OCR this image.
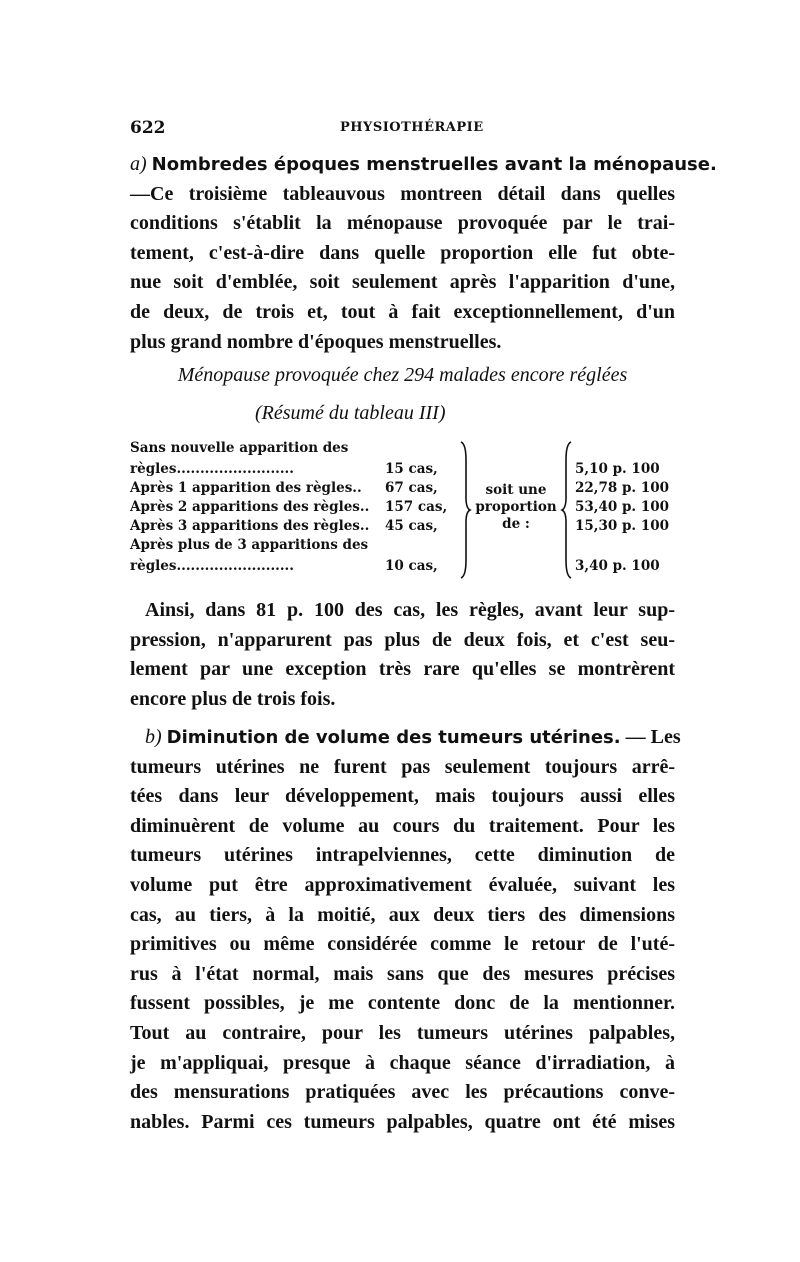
622	PHYSIOTHÉRAPIE
a) Nombredes époques menstruelles avant la ménopause.
—Ce troisième tableauvous montreen détail dans quelles
conditions s'établit la ménopause provoquée par le trai-
tement, c'est-à-dire dans quelle proportion elle fut obte-
nue soit d'emblée, soit seulement après l'apparition d'une,
de deux, de trois et, tout à fait exceptionnellement, d'un
plus grand nombre d'époques menstruelles.
Ménopause provoquée chez 294 malades encore réglées
(Résumé du tableau III)
Sans nouvelle apparition des
règles.........................	15 cas,	5,10 p. 100
Après 1 apparition des règles.. 67 cas,	22,78 p. 100
Après 2 apparitions des règles.. 157 cas,	53,40 p. 100
Après 3 apparitions des règles.. 45 cas,	15,30 p. 100
Après plus de 3 apparitions des
règles.........................	10 cas,	3,40 p. 100
soit une
proportion
de :
Ainsi, dans 81 p. 100 des cas, les règles, avant leur sup-
pression, n'apparurent pas plus de deux fois, et c'est seu-
lement par une exception très rare qu'elles se montrèrent
encore plus de trois fois.
b) Diminution de volume des tumeurs utérines. — Les
tumeurs utérines ne furent pas seulement toujours arrê-
tées dans leur développement, mais toujours aussi elles
diminuèrent de volume au cours du traitement. Pour les
tumeurs utérines intrapelviennes, cette diminution de
volume put être approximativement évaluée, suivant les
cas, au tiers, à la moitié, aux deux tiers des dimensions
primitives ou même considérée comme le retour de l'uté-
rus à l'état normal, mais sans que des mesures précises
fussent possibles, je me contente donc de la mentionner.
Tout au contraire, pour les tumeurs utérines palpables,
je m'appliquai, presque à chaque séance d'irradiation, à
des mensurations pratiquées avec les précautions conve-
nables. Parmi ces tumeurs palpables, quatre ont été mises
